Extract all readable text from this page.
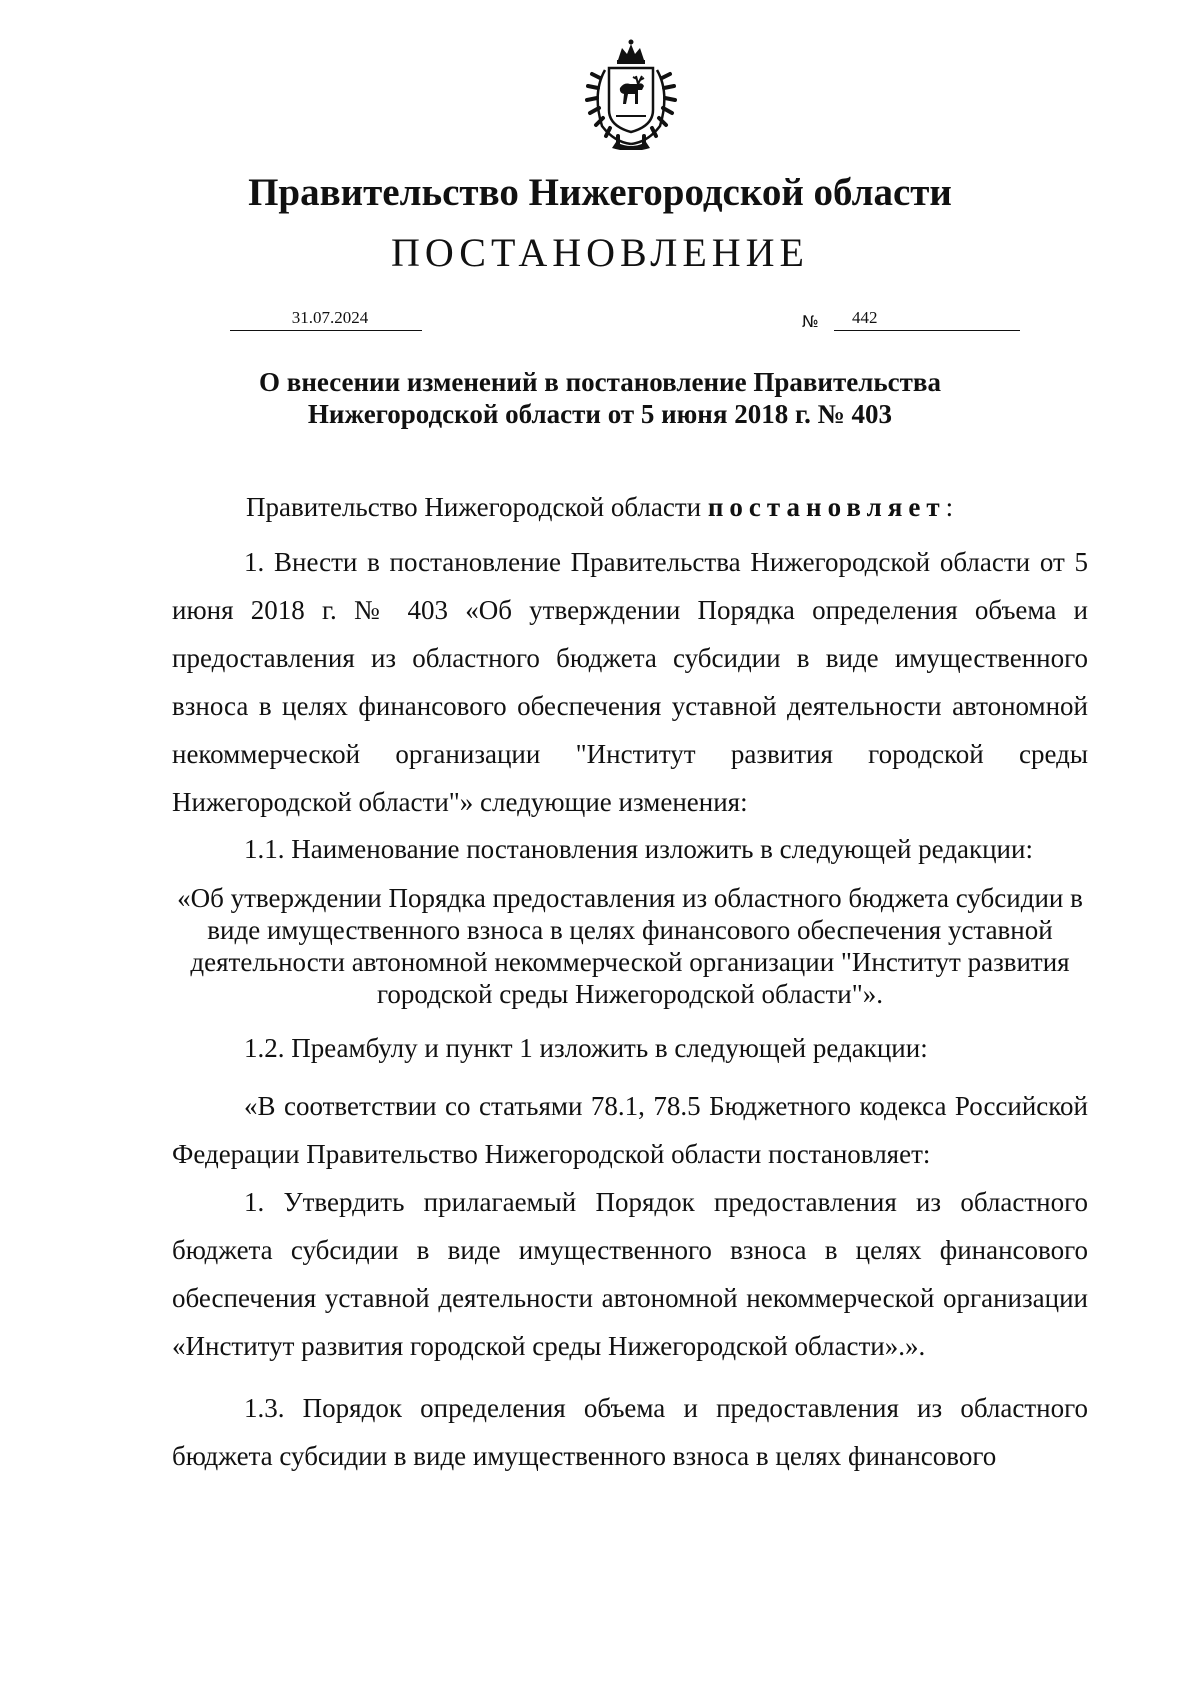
Правительство Нижегородской области
ПОСТАНОВЛЕНИЕ
31.07.2024	№	442
О внесении изменений в постановление Правительства
Нижегородской области от 5 июня 2018 г. № 403

Правительство Нижегородской области постановляет:

1. Внести в постановление Правительства Нижегородской области от 5 июня 2018 г. № 403 «Об утверждении Порядка определения объема и предоставления из областного бюджета субсидии в виде имущественного взноса в целях финансового обеспечения уставной деятельности автономной некоммерческой организации "Институт развития городской среды Нижегородской области"» следующие изменения:

1.1. Наименование постановления изложить в следующей редакции:

«Об утверждении Порядка предоставления из областного бюджета субсидии в виде имущественного взноса в целях финансового обеспечения уставной деятельности автономной некоммерческой организации "Институт развития городской среды Нижегородской области"».

1.2. Преамбулу и пункт 1 изложить в следующей редакции:

«В соответствии со статьями 78.1, 78.5 Бюджетного кодекса Российской Федерации Правительство Нижегородской области постановляет:

1. Утвердить прилагаемый Порядок предоставления из областного бюджета субсидии в виде имущественного взноса в целях финансового обеспечения уставной деятельности автономной некоммерческой организации «Институт развития городской среды Нижегородской области».».

1.3. Порядок определения объема и предоставления из областного бюджета субсидии в виде имущественного взноса в целях финансового
